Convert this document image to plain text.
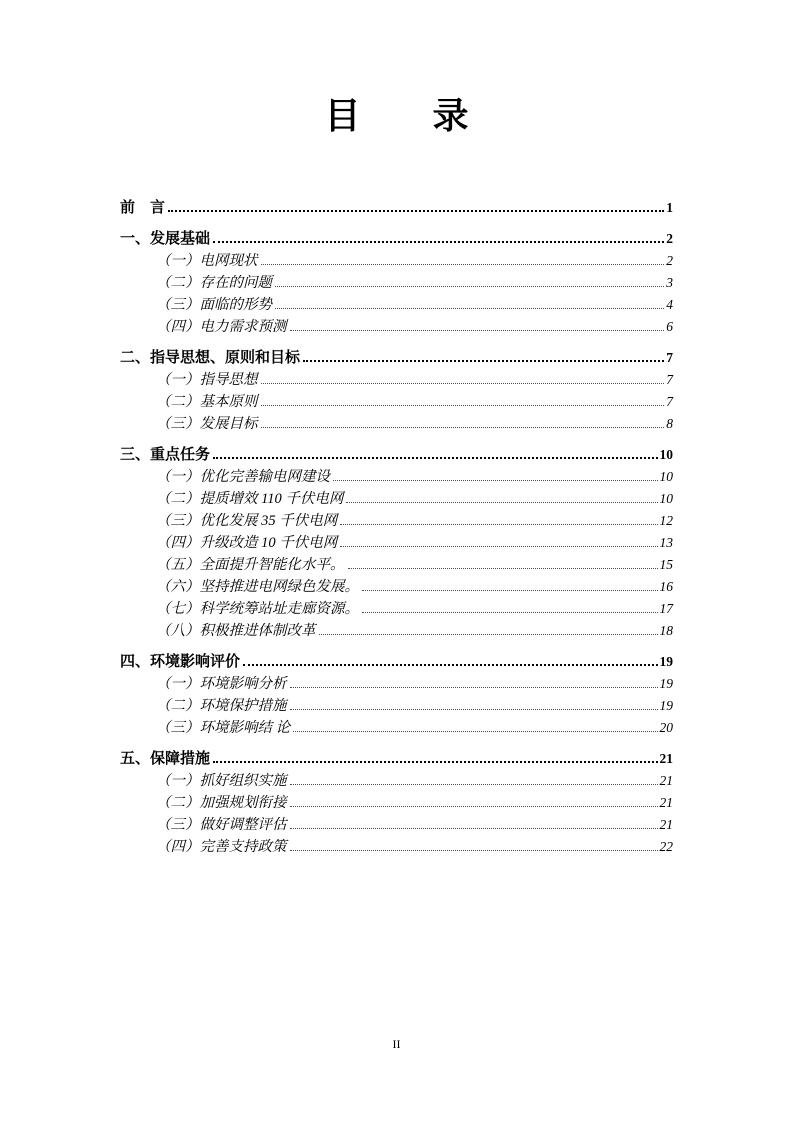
目　录
前　言	1
一、发展基础	2
（一）电网现状	2
（二）存在的问题	3
（三）面临的形势	4
（四）电力需求预测	6
二、指导思想、原则和目标	7
（一）指导思想	7
（二）基本原则	7
（三）发展目标	8
三、重点任务	10
（一）优化完善输电网建设	10
（二）提质增效 110 千伏电网	10
（三）优化发展 35 千伏电网	12
（四）升级改造 10 千伏电网	13
（五）全面提升智能化水平。	15
（六）坚持推进电网绿色发展。	16
（七）科学统筹站址走廊资源。	17
（八）积极推进体制改革	18
四、环境影响评价	19
（一）环境影响分析	19
（二）环境保护措施	19
（三）环境影响结 论	20
五、保障措施	21
（一）抓好组织实施	21
（二）加强规划衔接	21
（三）做好调整评估	21
（四）完善支持政策	22
II
